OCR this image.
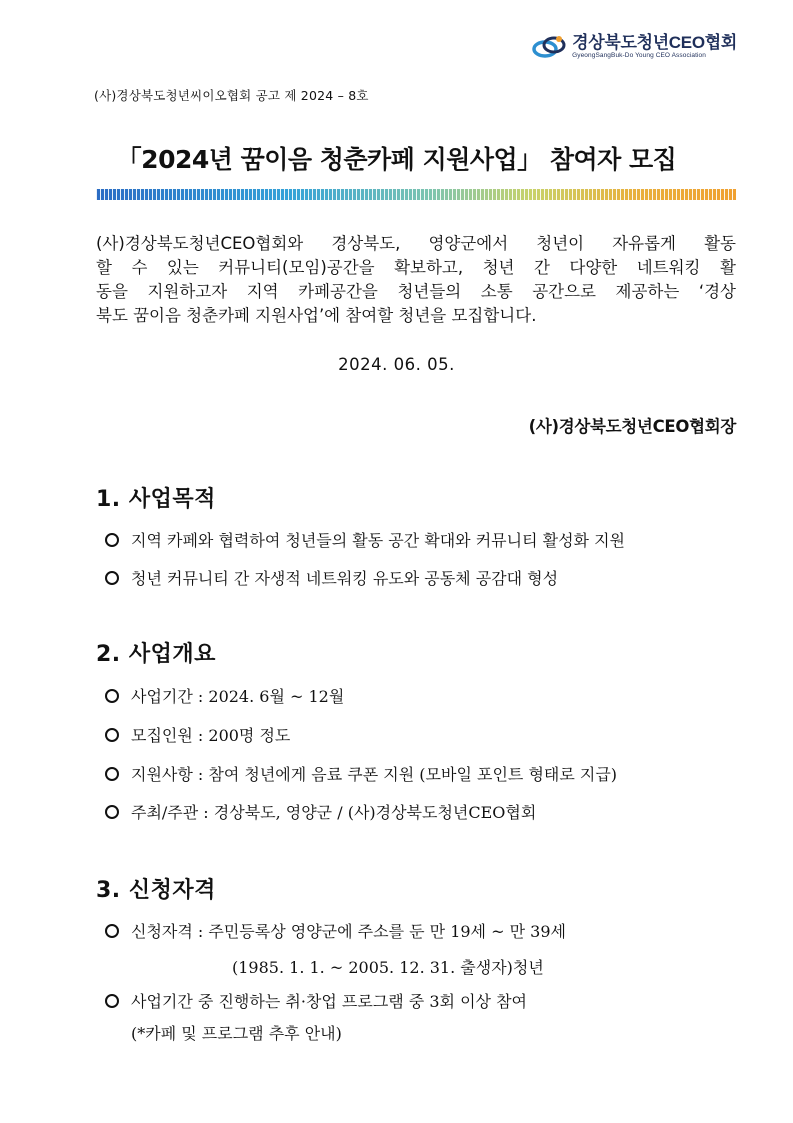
경상북도청년CEO협회
GyeongSangBuk-Do Young CEO Association
(사)경상북도청년씨이오협회 공고 제 2024 – 8호
「2024년 꿈이음 청춘카페 지원사업」 참여자 모집
(사)경상북도청년CEO협회와 경상북도, 영양군에서 청년이 자유롭게 활동
할 수 있는 커뮤니티(모임)공간을 확보하고, 청년 간 다양한 네트워킹 활
동을 지원하고자 지역 카페공간을 청년들의 소통 공간으로 제공하는 ‘경상
북도 꿈이음 청춘카페 지원사업’에 참여할 청년을 모집합니다.
2024. 06. 05.
(사)경상북도청년CEO협회장
1. 사업목적
지역 카페와 협력하여 청년들의 활동 공간 확대와 커뮤니티 활성화 지원
청년 커뮤니티 간 자생적 네트워킹 유도와 공동체 공감대 형성
2. 사업개요
사업기간 : 2024. 6월 ~ 12월
모집인원 : 200명 정도
지원사항 : 참여 청년에게 음료 쿠폰 지원 (모바일 포인트 형태로 지급)
주최/주관 : 경상북도, 영양군 / (사)경상북도청년CEO협회
3. 신청자격
신청자격 : 주민등록상 영양군에 주소를 둔 만 19세 ~ 만 39세
(1985. 1. 1. ~ 2005. 12. 31. 출생자)청년
사업기간 중 진행하는 취·창업 프로그램 중 3회 이상 참여
(*카페 및 프로그램 추후 안내)
